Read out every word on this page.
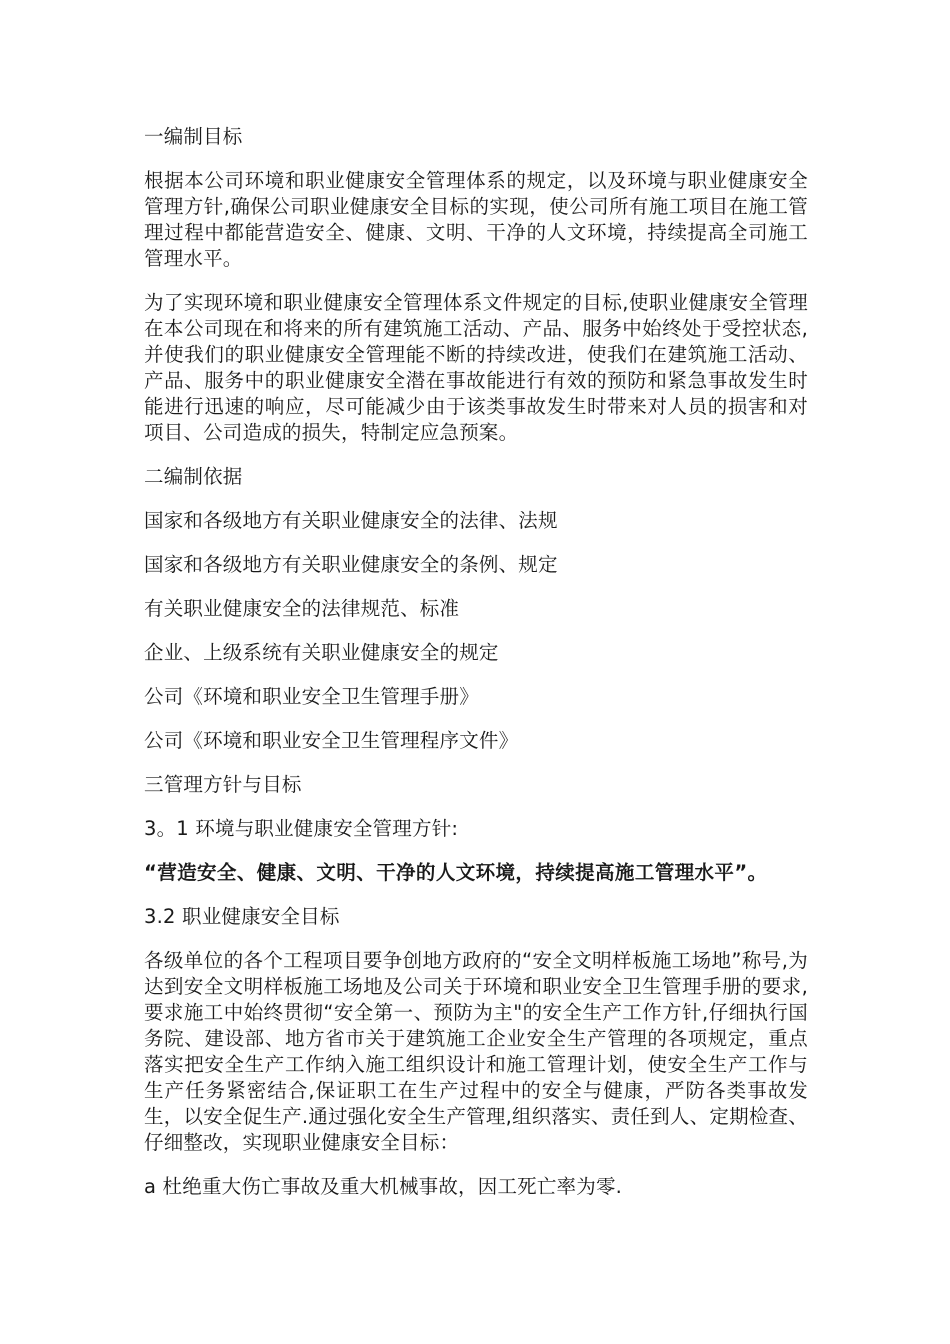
一编制目标

根据本公司环境和职业健康安全管理体系的规定，以及环境与职业健康安全管理方针,确保公司职业健康安全目标的实现，使公司所有施工项目在施工管理过程中都能营造安全、健康、文明、干净的人文环境，持续提高全司施工管理水平。

为了实现环境和职业健康安全管理体系文件规定的目标,使职业健康安全管理在本公司现在和将来的所有建筑施工活动、产品、服务中始终处于受控状态,并使我们的职业健康安全管理能不断的持续改进，使我们在建筑施工活动、产品、服务中的职业健康安全潜在事故能进行有效的预防和紧急事故发生时能进行迅速的响应，尽可能减少由于该类事故发生时带来对人员的损害和对项目、公司造成的损失，特制定应急预案。

二编制依据

国家和各级地方有关职业健康安全的法律、法规

国家和各级地方有关职业健康安全的条例、规定

有关职业健康安全的法律规范、标准

企业、上级系统有关职业健康安全的规定

公司《环境和职业安全卫生管理手册》

公司《环境和职业安全卫生管理程序文件》

三管理方针与目标

3。1 环境与职业健康安全管理方针:

“营造安全、健康、文明、干净的人文环境，持续提高施工管理水平”。

3.2 职业健康安全目标

各级单位的各个工程项目要争创地方政府的“安全文明样板施工场地”称号,为达到安全文明样板施工场地及公司关于环境和职业安全卫生管理手册的要求,要求施工中始终贯彻“安全第一、预防为主"的安全生产工作方针,仔细执行国务院、建设部、地方省市关于建筑施工企业安全生产管理的各项规定，重点落实把安全生产工作纳入施工组织设计和施工管理计划，使安全生产工作与生产任务紧密结合,保证职工在生产过程中的安全与健康，严防各类事故发生，以安全促生产.通过强化安全生产管理,组织落实、责任到人、定期检查、仔细整改，实现职业健康安全目标：

a 杜绝重大伤亡事故及重大机械事故，因工死亡率为零.
